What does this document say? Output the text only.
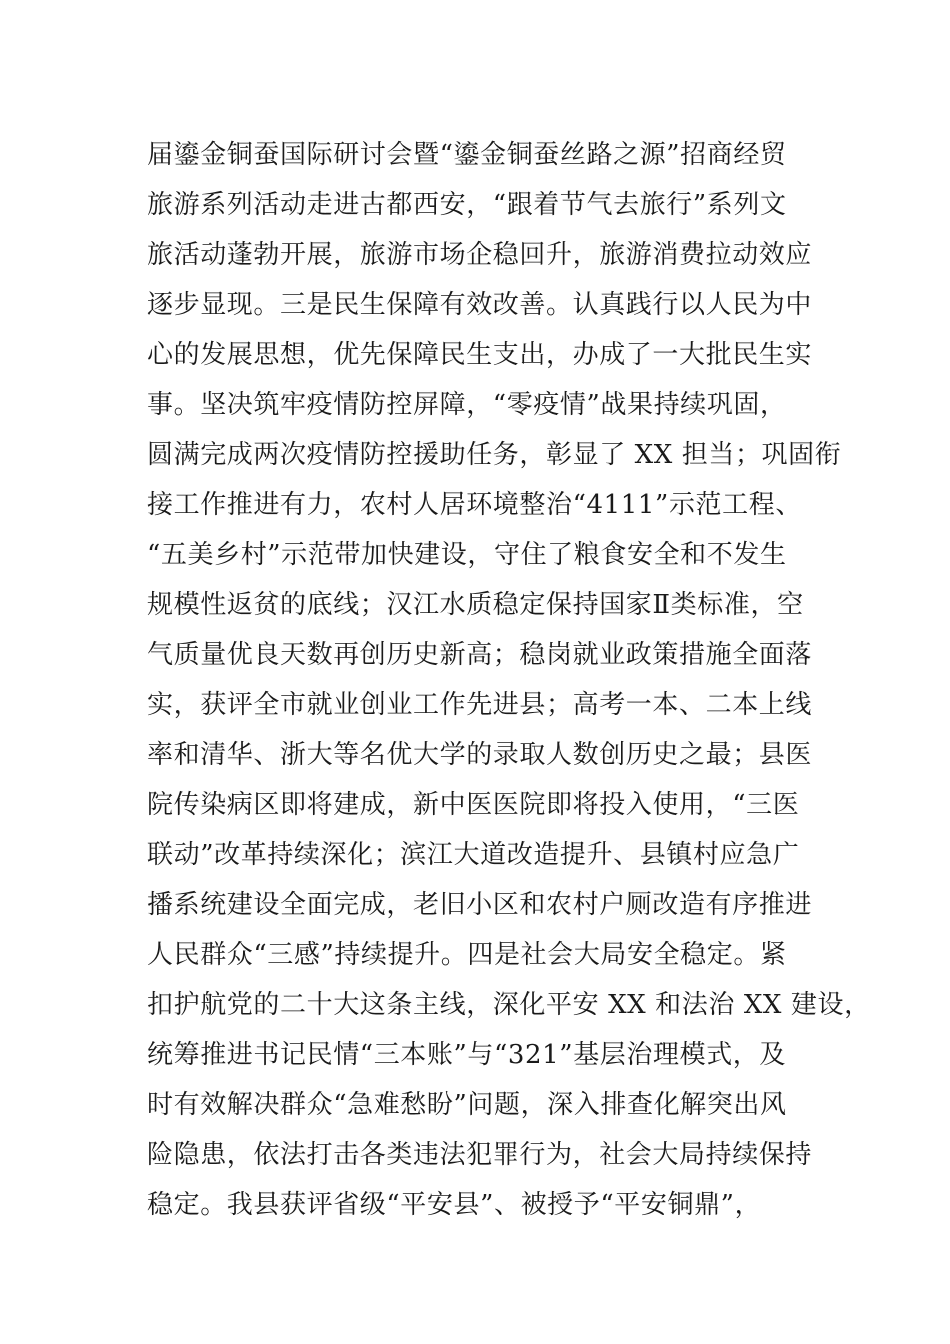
届鎏金铜蚕国际研讨会暨“鎏金铜蚕丝路之源”招商经贸
旅游系列活动走进古都西安，“跟着节气去旅行”系列文
旅活动蓬勃开展，旅游市场企稳回升，旅游消费拉动效应
逐步显现。三是民生保障有效改善。认真践行以人民为中
心的发展思想，优先保障民生支出，办成了一大批民生实
事。坚决筑牢疫情防控屏障，“零疫情”战果持续巩固，
圆满完成两次疫情防控援助任务，彰显了 XX 担当；巩固衔
接工作推进有力，农村人居环境整治“4111”示范工程、
“五美乡村”示范带加快建设，守住了粮食安全和不发生
规模性返贫的底线；汉江水质稳定保持国家Ⅱ类标准，空
气质量优良天数再创历史新高；稳岗就业政策措施全面落
实，获评全市就业创业工作先进县；高考一本、二本上线
率和清华、浙大等名优大学的录取人数创历史之最；县医
院传染病区即将建成，新中医医院即将投入使用，“三医
联动”改革持续深化；滨江大道改造提升、县镇村应急广
播系统建设全面完成，老旧小区和农村户厕改造有序推进
人民群众“三感”持续提升。四是社会大局安全稳定。紧
扣护航党的二十大这条主线，深化平安 XX 和法治 XX 建设，
统筹推进书记民情“三本账”与“321”基层治理模式，及
时有效解决群众“急难愁盼”问题，深入排查化解突出风
险隐患，依法打击各类违法犯罪行为，社会大局持续保持
稳定。我县获评省级“平安县”、被授予“平安铜鼎”，
